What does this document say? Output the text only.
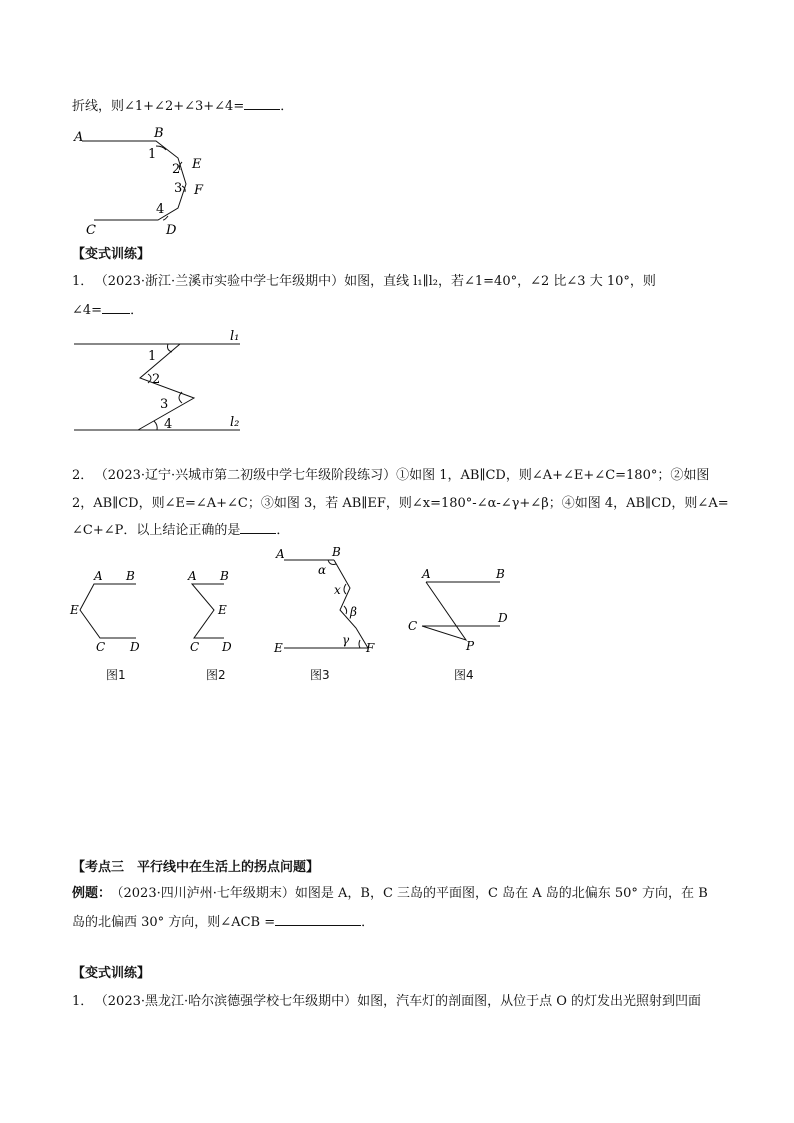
折线，则∠1+∠2+∠3+∠4=	．
A	B
E
F
C	D
1
2
3
4
【变式训练】
1． （2023·浙江·兰溪市实验中学七年级期中）如图，直线 l₁∥l₂，若∠1=40°，∠2 比∠3 大 10°，则
∠4= ．
l₁
l₂
1
2
3
4
2． （2023·辽宁·兴城市第二初级中学七年级阶段练习）①如图 1，AB∥CD，则∠A+∠E+∠C=180°；②如图
2，AB∥CD，则∠E=∠A+∠C；③如图 3，若 AB∥EF，则∠x=180°-∠α-∠γ+∠β；④如图 4，AB∥CD，则∠A=
∠C+∠P．以上结论正确的是	．
A B
E
C D
图1
A B
E
C D
图2
A	B
α
x
β
γ
E	F
图3
A	B
C
D
P
图4
【考点三　平行线中在生活上的拐点问题】
例题： （2023·四川泸州·七年级期末）如图是 A，B，C 三岛的平面图，C 岛在 A 岛的北偏东 50° 方向，在 B
岛的北偏西 30° 方向，则∠ACB =	．
【变式训练】
1． （2023·黑龙江·哈尔滨德强学校七年级期中）如图，汽车灯的剖面图，从位于点 O 的灯发出光照射到凹面
